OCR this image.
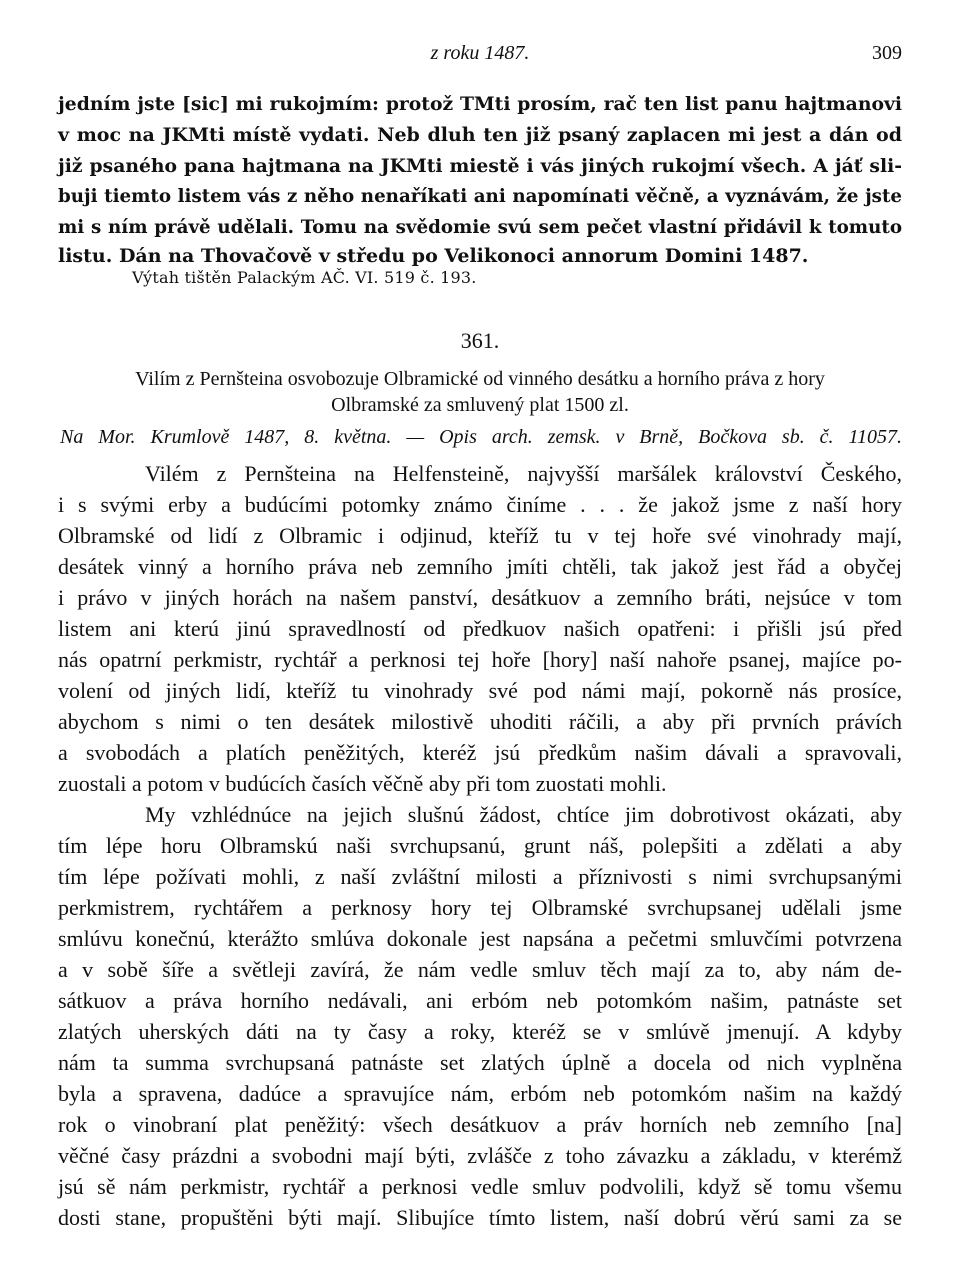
z roku 1487.	309
jedním jste [sic] mi rukojmím: protož TMti prosím, rač ten list panu hajtmanovi
v moc na JKMti místě vydati. Neb dluh ten již psaný zaplacen mi jest a dán od
již psaného pana hajtmana na JKMti miestě i vás jiných rukojmí všech. A jáť sli-
buji tiemto listem vás z něho nenaříkati ani napomínati věčně, a vyznávám, že jste
mi s ním právě udělali. Tomu na svědomie svú sem pečet vlastní přidávil k tomuto
listu. Dán na Thovačově v středu po Velikonoci annorum Domini 1487.
Výtah tištěn Palackým AČ. VI. 519 č. 193.
361.
Vilím z Pernšteina osvobozuje Olbramické od vinného desátku a horního práva z hory
Olbramské za smluvený plat 1500 zl.
Na Mor. Krumlově 1487, 8. května. — Opis arch. zemsk. v Brně, Bočkova sb. č. 11057.
Vilém z Pernšteina na Helfensteině, najvyšší maršálek království Českého,
i s svými erby a budúcími potomky známo činíme . . . že jakož jsme z naší hory
Olbramské od lidí z Olbramic i odjinud, kteříž tu v tej hoře své vinohrady mají,
desátek vinný a horního práva neb zemního jmíti chtěli, tak jakož jest řád a obyčej
i právo v jiných horách na našem panství, desátkuov a zemního bráti, nejsúce v tom
listem ani kterú jinú spravedlností od předkuov našich opatřeni: i přišli jsú před
nás opatrní perkmistr, rychtář a perknosi tej hoře [hory] naší nahoře psanej, majíce po-
volení od jiných lidí, kteříž tu vinohrady své pod námi mají, pokorně nás prosíce,
abychom s nimi o ten desátek milostivě uhoditi ráčili, a aby při prvních právích
a svobodách a platích peněžitých, kteréž jsú předkům našim dávali a spravovali,
zuostali a potom v budúcích časích věčně aby při tom zuostati mohli.
My vzhlédnúce na jejich slušnú žádost, chtíce jim dobrotivost okázati, aby
tím lépe horu Olbramskú naši svrchupsanú, grunt náš, polepšiti a zdělati a aby
tím lépe požívati mohli, z naší zvláštní milosti a příznivosti s nimi svrchupsanými
perkmistrem, rychtářem a perknosy hory tej Olbramské svrchupsanej udělali jsme
smlúvu konečnú, kterážto smlúva dokonale jest napsána a pečetmi smluvčími potvrzena
a v sobě šíře a světleji zavírá, že nám vedle smluv těch mají za to, aby nám de-
sátkuov a práva horního nedávali, ani erbóm neb potomkóm našim, patnáste set
zlatých uherských dáti na ty časy a roky, kteréž se v smlúvě jmenují. A kdyby
nám ta summa svrchupsaná patnáste set zlatých úplně a docela od nich vyplněna
byla a spravena, dadúce a spravujíce nám, erbóm neb potomkóm našim na každý
rok o vinobraní plat peněžitý: všech desátkuov a práv horních neb zemního [na]
věčné časy prázdni a svobodni mají býti, zvlášče z toho závazku a základu, v kterémž
jsú sě nám perkmistr, rychtář a perknosi vedle smluv podvolili, když sě tomu všemu
dosti stane, propuštěni býti mají. Slibujíce tímto listem, naší dobrú věrú sami za se
